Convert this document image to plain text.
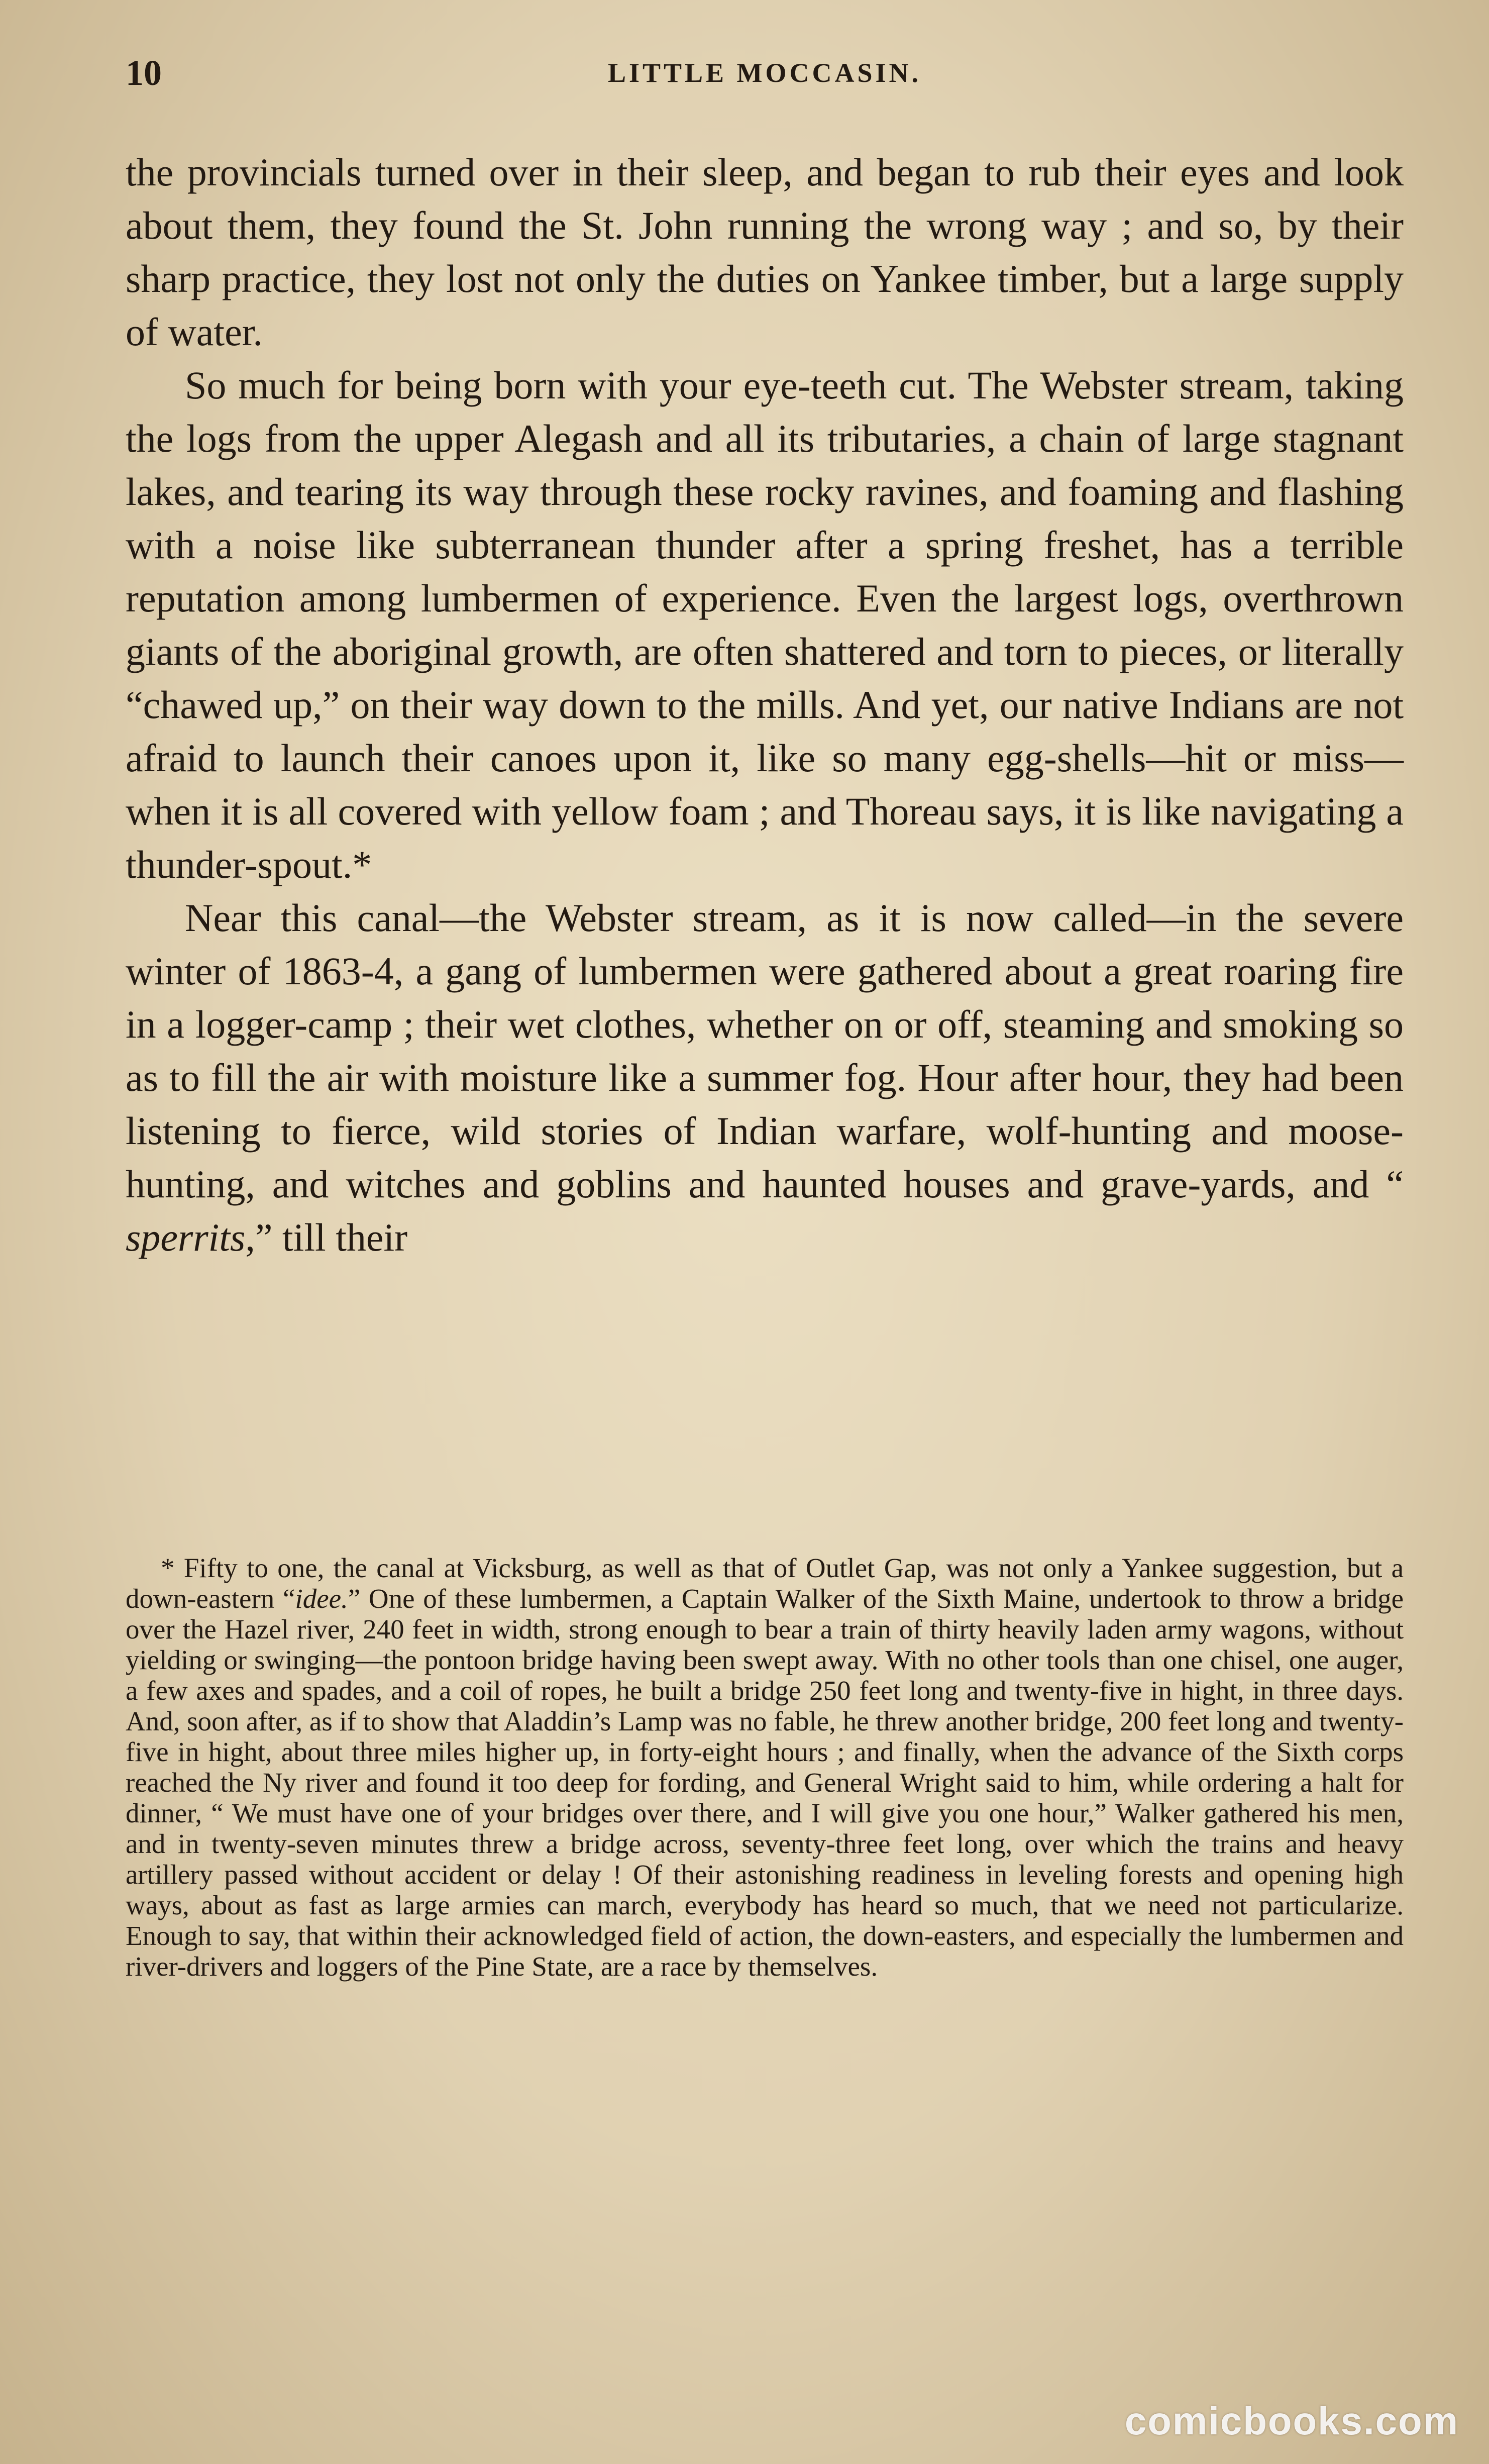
10	LITTLE MOCCASIN.

the provincials turned over in their sleep, and began to rub their eyes and look about them, they found the St. John running the wrong way ; and so, by their sharp practice, they lost not only the duties on Yankee timber, but a large supply of water.

So much for being born with your eye-teeth cut. The Webster stream, taking the logs from the upper Alegash and all its tributaries, a chain of large stagnant lakes, and tearing its way through these rocky ravines, and foaming and flashing with a noise like subterranean thunder after a spring freshet, has a terrible reputation among lumbermen of experience. Even the largest logs, overthrown giants of the aboriginal growth, are often shattered and torn to pieces, or literally “chawed up,” on their way down to the mills. And yet, our native Indians are not afraid to launch their canoes upon it, like so many egg-shells—hit or miss—when it is all covered with yellow foam ; and Thoreau says, it is like navigating a thunder-spout.*

Near this canal—the Webster stream, as it is now called—in the severe winter of 1863-4, a gang of lumbermen were gathered about a great roaring fire in a logger-camp ; their wet clothes, whether on or off, steaming and smoking so as to fill the air with moisture like a summer fog. Hour after hour, they had been listening to fierce, wild stories of Indian warfare, wolf-hunting and moose-hunting, and witches and goblins and haunted houses and grave-yards, and “ sperrits,” till their

* Fifty to one, the canal at Vicksburg, as well as that of Outlet Gap, was not only a Yankee suggestion, but a down-eastern “idee.” One of these lumbermen, a Captain Walker of the Sixth Maine, undertook to throw a bridge over the Hazel river, 240 feet in width, strong enough to bear a train of thirty heavily laden army wagons, without yielding or swinging—the pontoon bridge having been swept away. With no other tools than one chisel, one auger, a few axes and spades, and a coil of ropes, he built a bridge 250 feet long and twenty-five in hight, in three days. And, soon after, as if to show that Aladdin’s Lamp was no fable, he threw another bridge, 200 feet long and twenty-five in hight, about three miles higher up, in forty-eight hours ; and finally, when the advance of the Sixth corps reached the Ny river and found it too deep for fording, and General Wright said to him, while ordering a halt for dinner, “ We must have one of your bridges over there, and I will give you one hour,” Walker gathered his men, and in twenty-seven minutes threw a bridge across, seventy-three feet long, over which the trains and heavy artillery passed without accident or delay ! Of their astonishing readiness in leveling forests and opening high ways, about as fast as large armies can march, everybody has heard so much, that we need not particularize. Enough to say, that within their acknowledged field of action, the down-easters, and especially the lumbermen and river-drivers and loggers of the Pine State, are a race by themselves.
comicbooks.com
